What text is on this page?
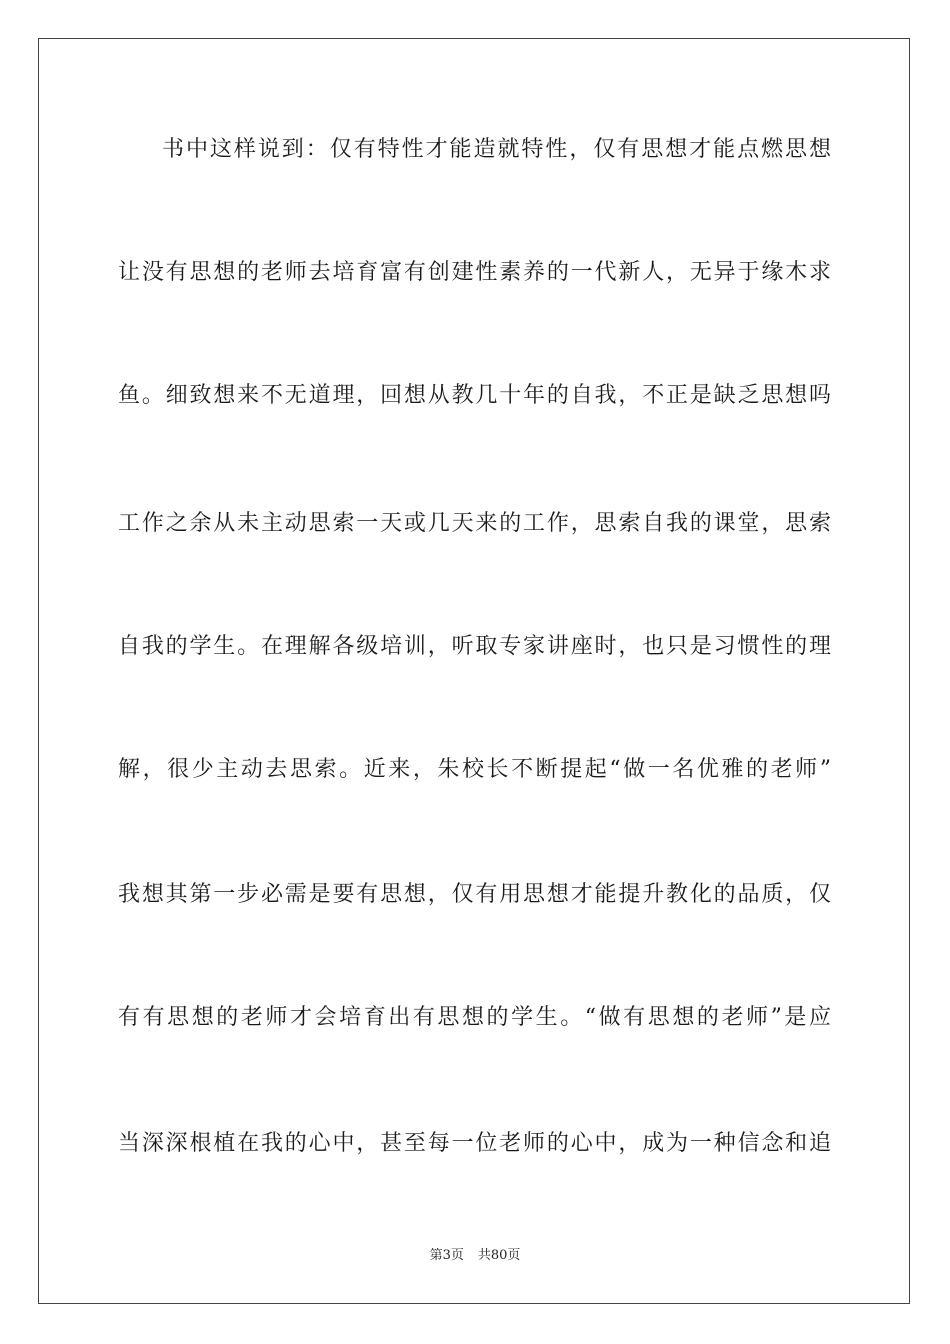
书中这样说到：仅有特性才能造就特性，仅有思想才能点燃思想
让没有思想的老师去培育富有创建性素养的一代新人，无异于缘木求
鱼。细致想来不无道理，回想从教几十年的自我，不正是缺乏思想吗
工作之余从未主动思索一天或几天来的工作，思索自我的课堂，思索
自我的学生。在理解各级培训，听取专家讲座时，也只是习惯性的理
解，很少主动去思索。近来，朱校长不断提起“做一名优雅的老师”
我想其第一步必需是要有思想，仅有用思想才能提升教化的品质，仅
有有思想的老师才会培育出有思想的学生。“做有思想的老师”是应
当深深根植在我的心中，甚至每一位老师的心中，成为一种信念和追
第3页 共80页
